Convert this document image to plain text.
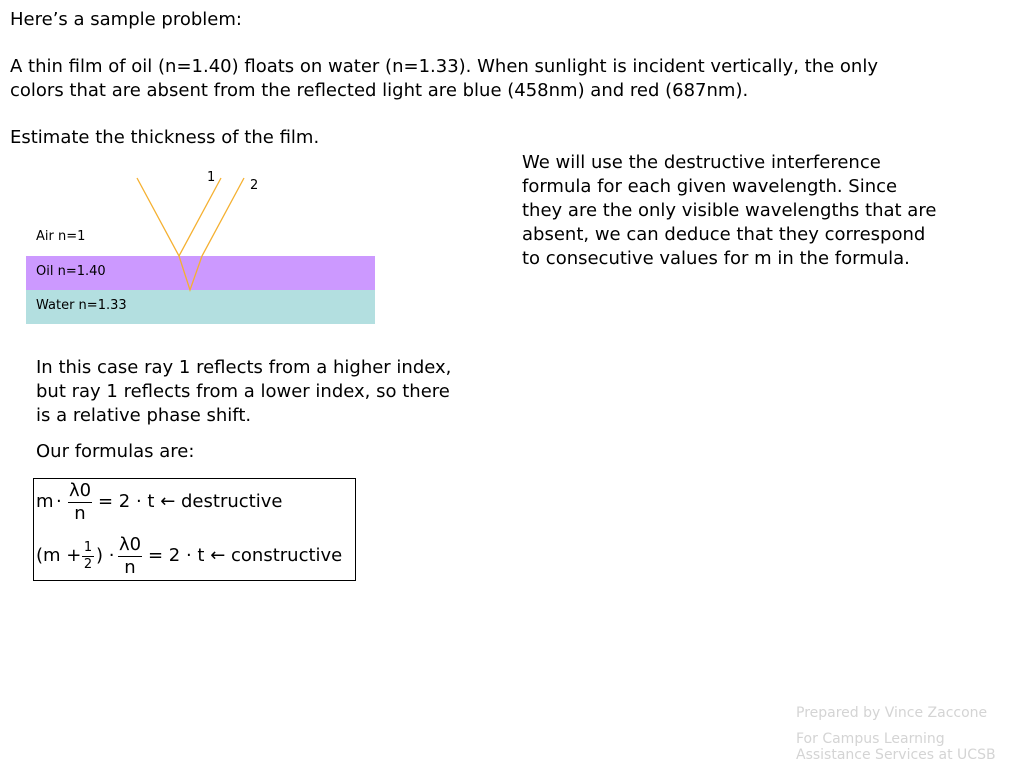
Here’s a sample problem:
A thin film of oil (n=1.40) floats on water (n=1.33). When sunlight is incident vertically, the only
colors that are absent from the reflected light are blue (458nm) and red (687nm).
Estimate the thickness of the film.
Air n=1
Oil n=1.40
Water n=1.33
1
2
We will use the destructive interference
formula for each given wavelength. Since
they are the only visible wavelengths that are
absent, we can deduce that they correspond
to consecutive values for m in the formula.
In this case ray 1 reflects from a higher index,
but ray 1 reflects from a lower index, so there
is a relative phase shift.
Our formulas are:
m ·
λ0
n
= 2 · t ← destructive
(m + 1
2 ) ·
λ0
n
= 2 · t ← constructive
Prepared by Vince Zaccone
For Campus Learning
Assistance Services at UCSB
